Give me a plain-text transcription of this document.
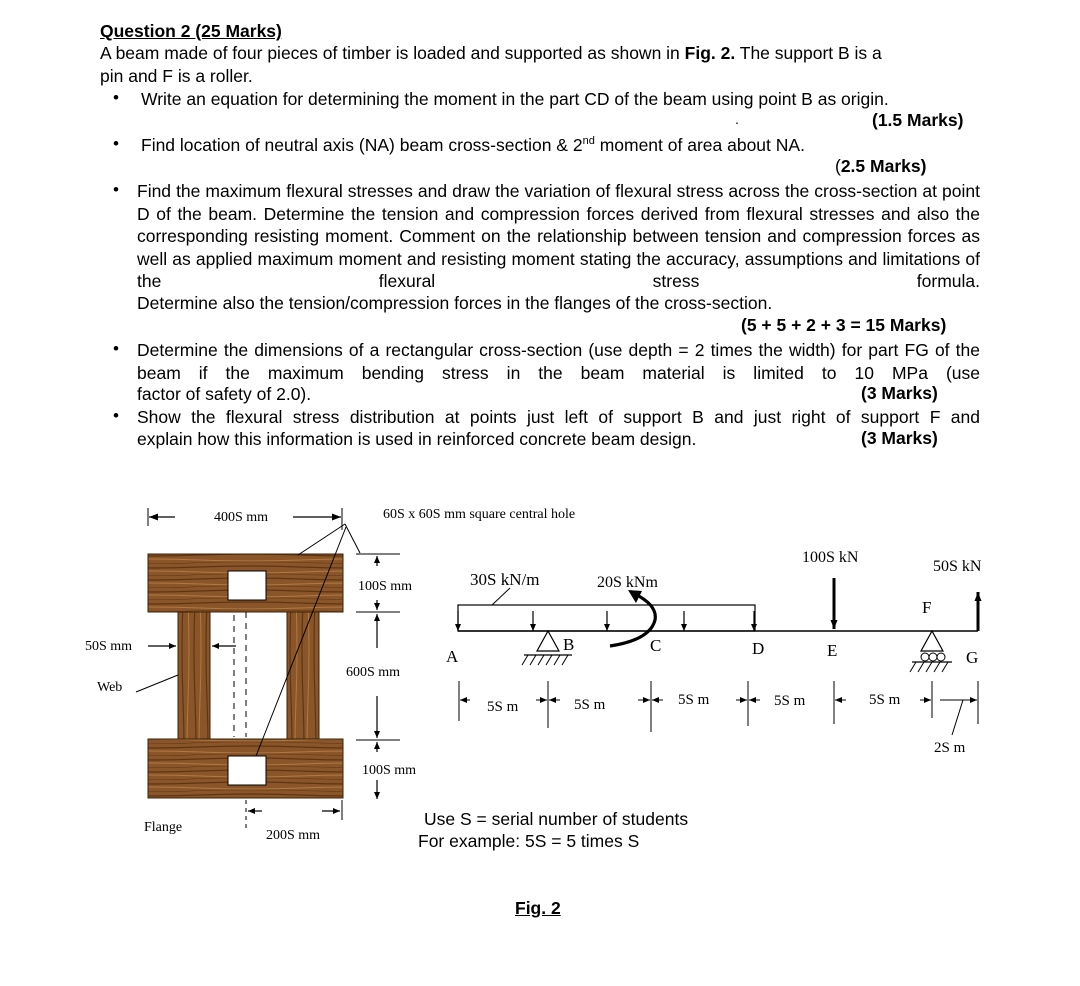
Question 2 (25 Marks)
A beam made of four pieces of timber is loaded and supported as shown in Fig. 2. The support B is a
pin and F is a roller.
• Write an equation for determining the moment in the part CD of the beam using point B as origin.
.	(1.5 Marks)
• Find location of neutral axis (NA) beam cross-section & 2nd moment of area about NA.
(2.5 Marks)
• Find the maximum flexural stresses and draw the variation of flexural stress across the cross-section at point D of the beam. Determine the tension and compression forces derived from flexural stresses and also the corresponding resisting moment. Comment on the relationship between tension and compression forces as well as applied maximum moment and resisting moment stating the accuracy, assumptions and limitations of the flexural stress formula.
Determine also the tension/compression forces in the flanges of the cross-section.
(5 + 5 + 2 + 3 = 15 Marks)
• Determine the dimensions of a rectangular cross-section (use depth = 2 times the width) for part FG of the beam if the maximum bending stress in the beam material is limited to 10 MPa (use
factor of safety of 2.0).	(3 Marks)
• Show the flexural stress distribution at points just left of support B and just right of support F and
explain how this information is used in reinforced concrete beam design.	(3 Marks)
400S mm	60S x 60S mm square central hole
100S mm
600S mm
100S mm
50S mm
Web
Flange
200S mm
30S kN/m	20S kNm
100S kN
50S kN
A
B	C	D	E
F
G
5S m	5S m	5S m	5S m	5S m
2S m
Use S = serial number of students
For example: 5S = 5 times S
Fig. 2
